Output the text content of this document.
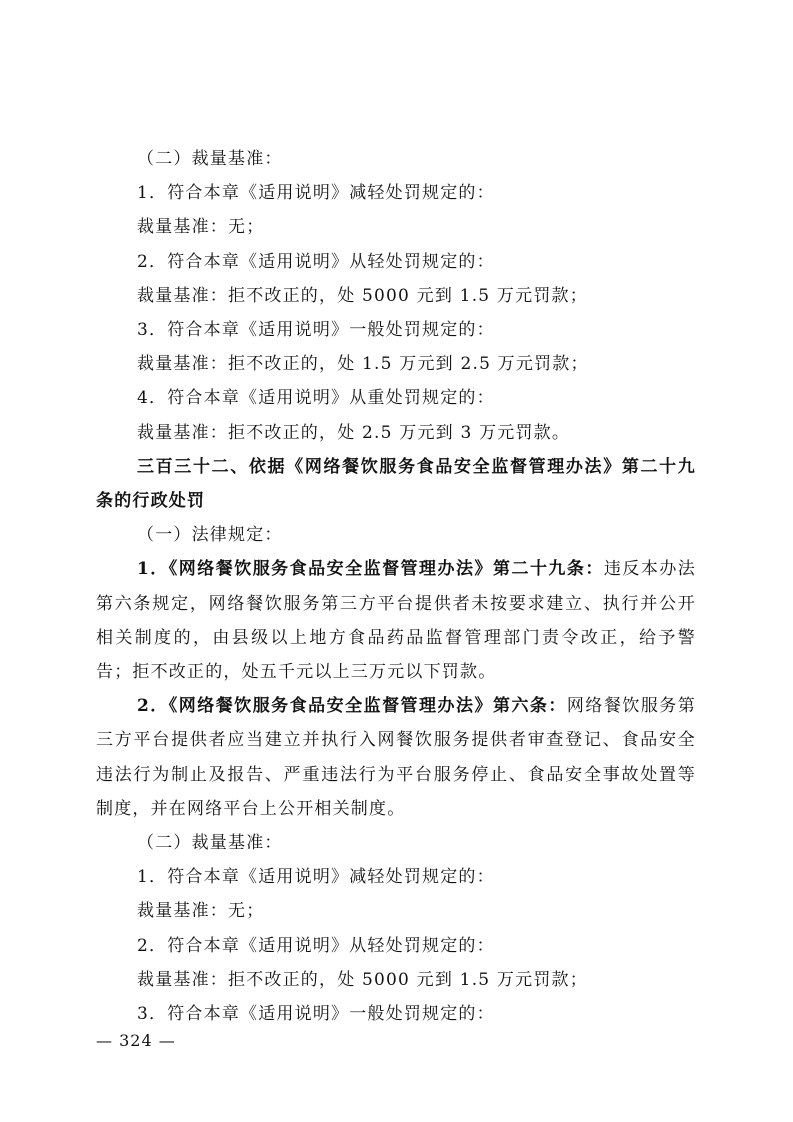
（二）裁量基准：

1．符合本章《适用说明》减轻处罚规定的：

裁量基准：无；

2．符合本章《适用说明》从轻处罚规定的：

裁量基准：拒不改正的，处 5000 元到 1.5 万元罚款；

3．符合本章《适用说明》一般处罚规定的：

裁量基准：拒不改正的，处 1.5 万元到 2.5 万元罚款；

4．符合本章《适用说明》从重处罚规定的：

裁量基准：拒不改正的，处 2.5 万元到 3 万元罚款。

三百三十二、依据《网络餐饮服务食品安全监督管理办法》第二十九条的行政处罚

（一）法律规定：

1．《网络餐饮服务食品安全监督管理办法》第二十九条：违反本办法第六条规定，网络餐饮服务第三方平台提供者未按要求建立、执行并公开相关制度的，由县级以上地方食品药品监督管理部门责令改正，给予警告；拒不改正的，处五千元以上三万元以下罚款。

2．《网络餐饮服务食品安全监督管理办法》第六条：网络餐饮服务第三方平台提供者应当建立并执行入网餐饮服务提供者审查登记、食品安全违法行为制止及报告、严重违法行为平台服务停止、食品安全事故处置等制度，并在网络平台上公开相关制度。

（二）裁量基准：

1．符合本章《适用说明》减轻处罚规定的：

裁量基准：无；

2．符合本章《适用说明》从轻处罚规定的：

裁量基准：拒不改正的，处 5000 元到 1.5 万元罚款；

3．符合本章《适用说明》一般处罚规定的：

— 324 —
